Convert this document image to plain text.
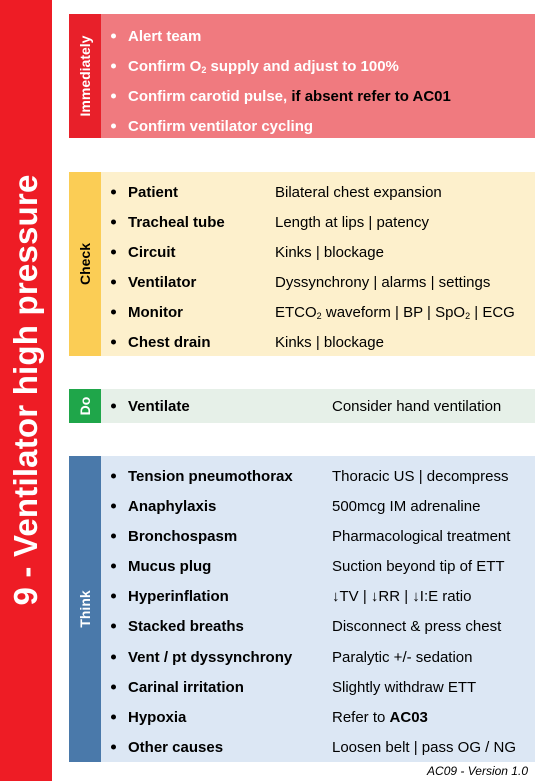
9 - Ventilator high pressure
Immediately Alert team
Confirm $O_2$ supply and adjust to 100%
Confirm carotid pulse, if absent refer to AC01
Confirm ventilator cycling
Check
Patient	Bilateral chest expansion
Tracheal tube	Length at lips | patency
Circuit	Kinks | blockage
Ventilator	Dyssynchrony | alarms | settings
Monitor	$ETCO_2$ waveform | BP | SpO$_2$ | ECG
Chest drain	Kinks | blockage
Do Ventilate	Consider hand ventilation
Think
Tension pneumothorax	Thoracic US | decompress
Anaphylaxis	500mcg IM adrenaline
Bronchospasm	Pharmacological treatment
Mucus plug	Suction beyond tip of ETT
Hyperinflation	↓TV | ↓RR | ↓I:E ratio
Stacked breaths	Disconnect & press chest
Vent / pt dyssynchrony	Paralytic +/- sedation
Carinal irritation	Slightly withdraw ETT
Hypoxia	Refer to AC03
Other causes	Loosen belt | pass OG / NG
AC09 - Version 1.0
